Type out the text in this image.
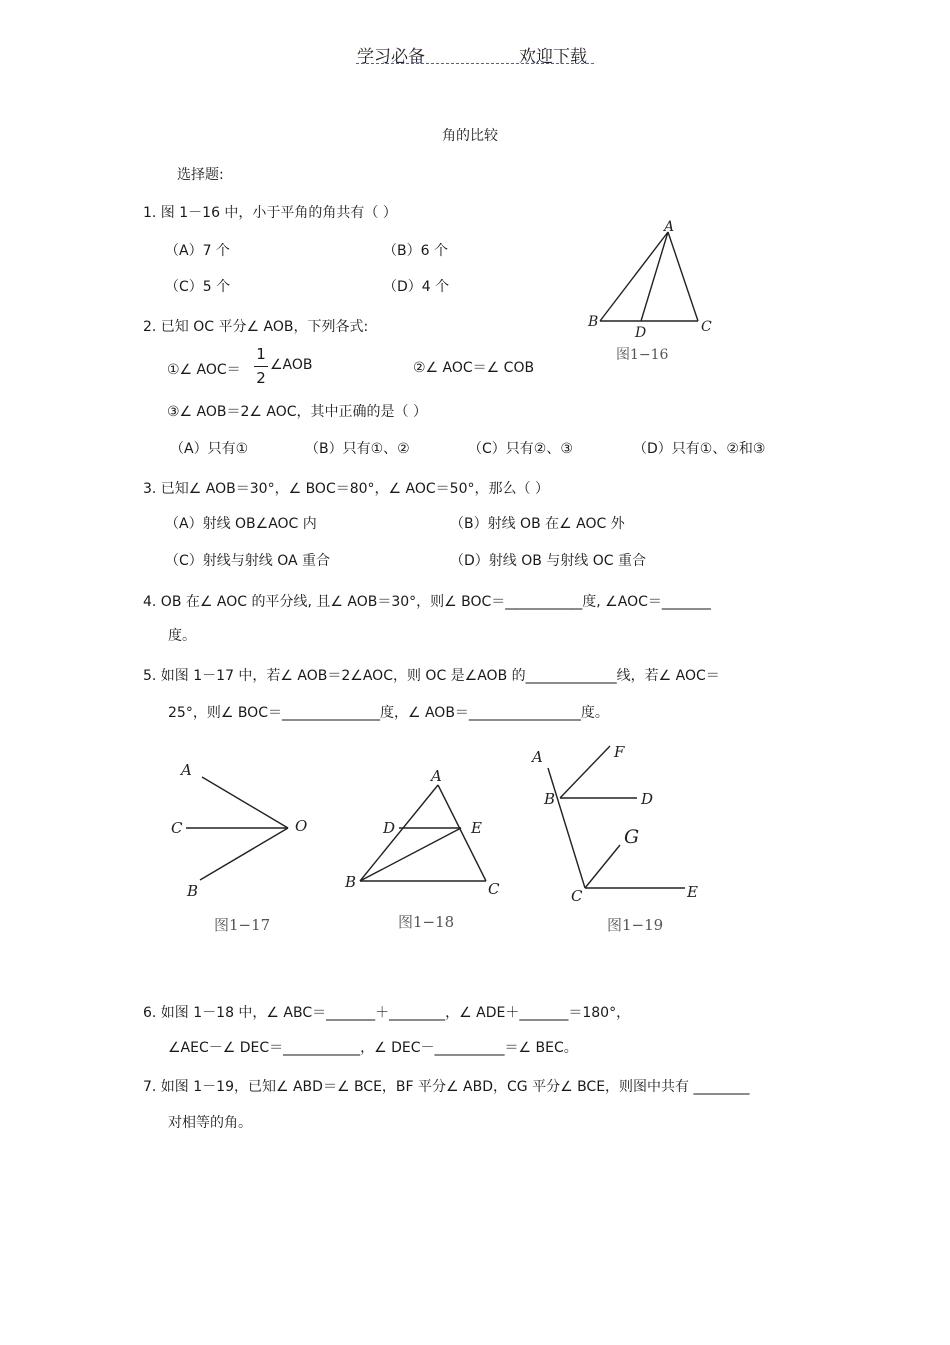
学习必备	欢迎下载
角的比较
选择题:
1. 图 1－16 中，小于平角的角共有（ ）
（A）7 个	（B）6 个
（C）5 个	（D）4 个
A
B	C
D
图1−16
2. 已知 OC 平分∠ AOB，下列各式:
①∠ AOC＝
1
2
∠AOB	②∠ AOC＝∠ COB
③∠ AOB＝2∠ AOC，其中正确的是（ ）
（A）只有①	（B）只有①、②	（C）只有②、③	（D）只有①、②和③
3. 已知∠ AOB＝30°，∠ BOC＝80°，∠ AOC＝50°，那么（ ）
（A）射线 OB∠AOC 内	（B）射线 OB 在∠ AOC 外
（C）射线与射线 OA 重合	（D）射线 OB 与射线 OC 重合
4. OB 在∠ AOC 的平分线, 且∠ AOB＝30°，则∠ BOC＝___________度, ∠AOC＝_______
度。
5. 如图 1－17 中，若∠ AOB＝2∠AOC，则 OC 是∠AOB 的_____________线，若∠ AOC＝
25°，则∠ BOC＝______________度，∠ AOB＝________________度。
A
C	O
B
图1−17
A
D	E
B	C
图1−18
A	F
B	D
G
C	E
图1−19
6. 如图 1－18 中，∠ ABC＝_______＋________，∠ ADE＋_______＝180°，
∠AEC－∠ DEC＝___________，∠ DEC－__________＝∠ BEC。
7. 如图 1－19，已知∠ ABD＝∠ BCE，BF 平分∠ ABD，CG 平分∠ BCE，则图中共有 ________
对相等的角。
